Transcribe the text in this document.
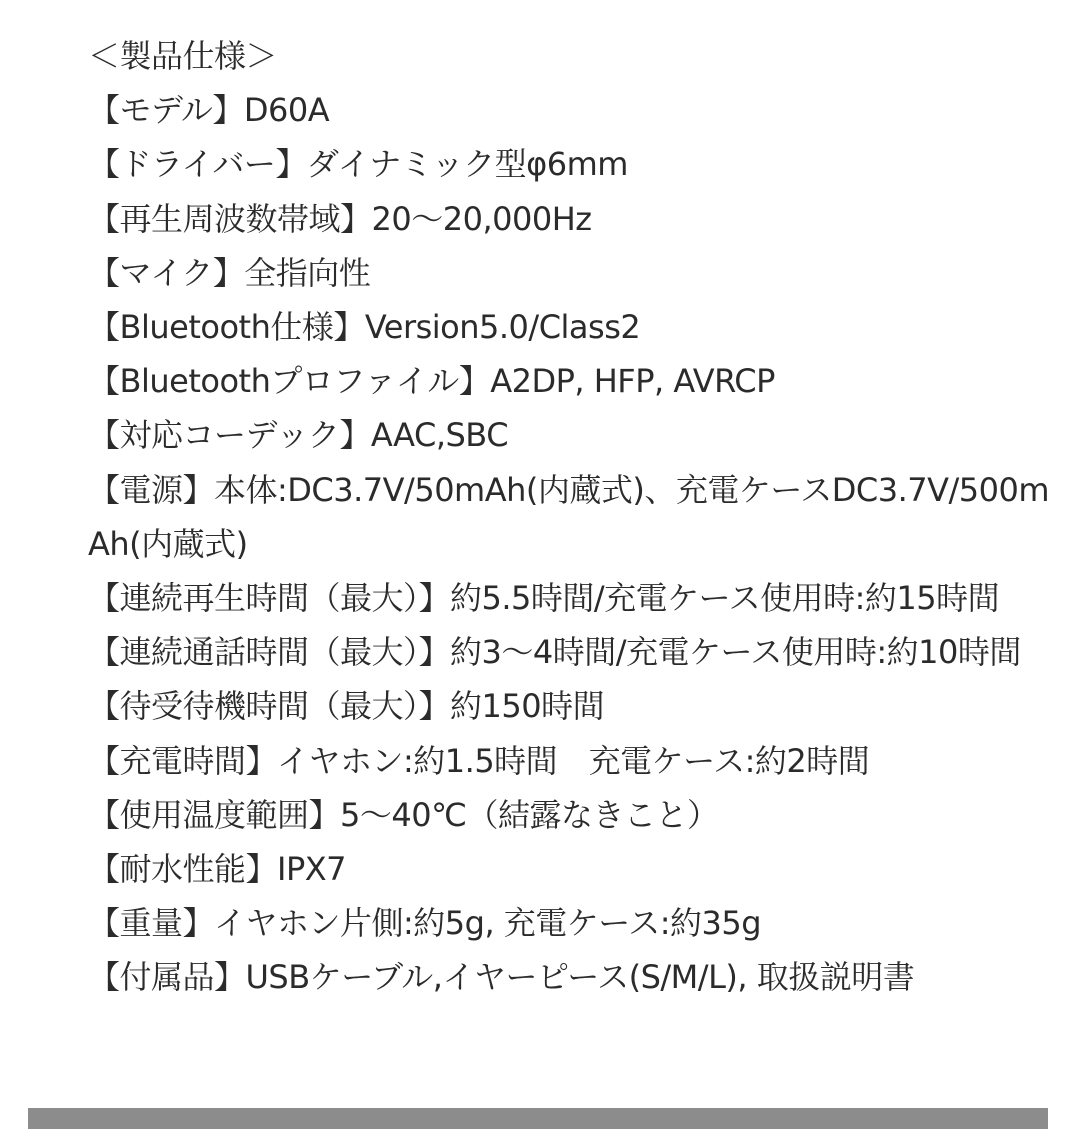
＜製品仕様＞
【モデル】D60A
【ドライバー】ダイナミック型φ6mm
【再生周波数帯域】20〜20,000Hz
【マイク】全指向性
【Bluetooth仕様】Version5.0/Class2
【Bluetoothプロファイル】A2DP, HFP, AVRCP
【対応コーデック】AAC,SBC
【電源】本体:DC3.7V/50mAh(内蔵式)、充電ケースDC3.7V/500mAh(内蔵式)
【連続再生時間（最大）】約5.5時間/充電ケース使用時:約15時間
【連続通話時間（最大）】約3〜4時間/充電ケース使用時:約10時間
【待受待機時間（最大）】約150時間
【充電時間】イヤホン:約1.5時間　充電ケース:約2時間
【使用温度範囲】5〜40℃（結露なきこと）
【耐水性能】IPX7
【重量】イヤホン片側:約5g, 充電ケース:約35g
【付属品】USBケーブル,イヤーピース(S/M/L), 取扱説明書
